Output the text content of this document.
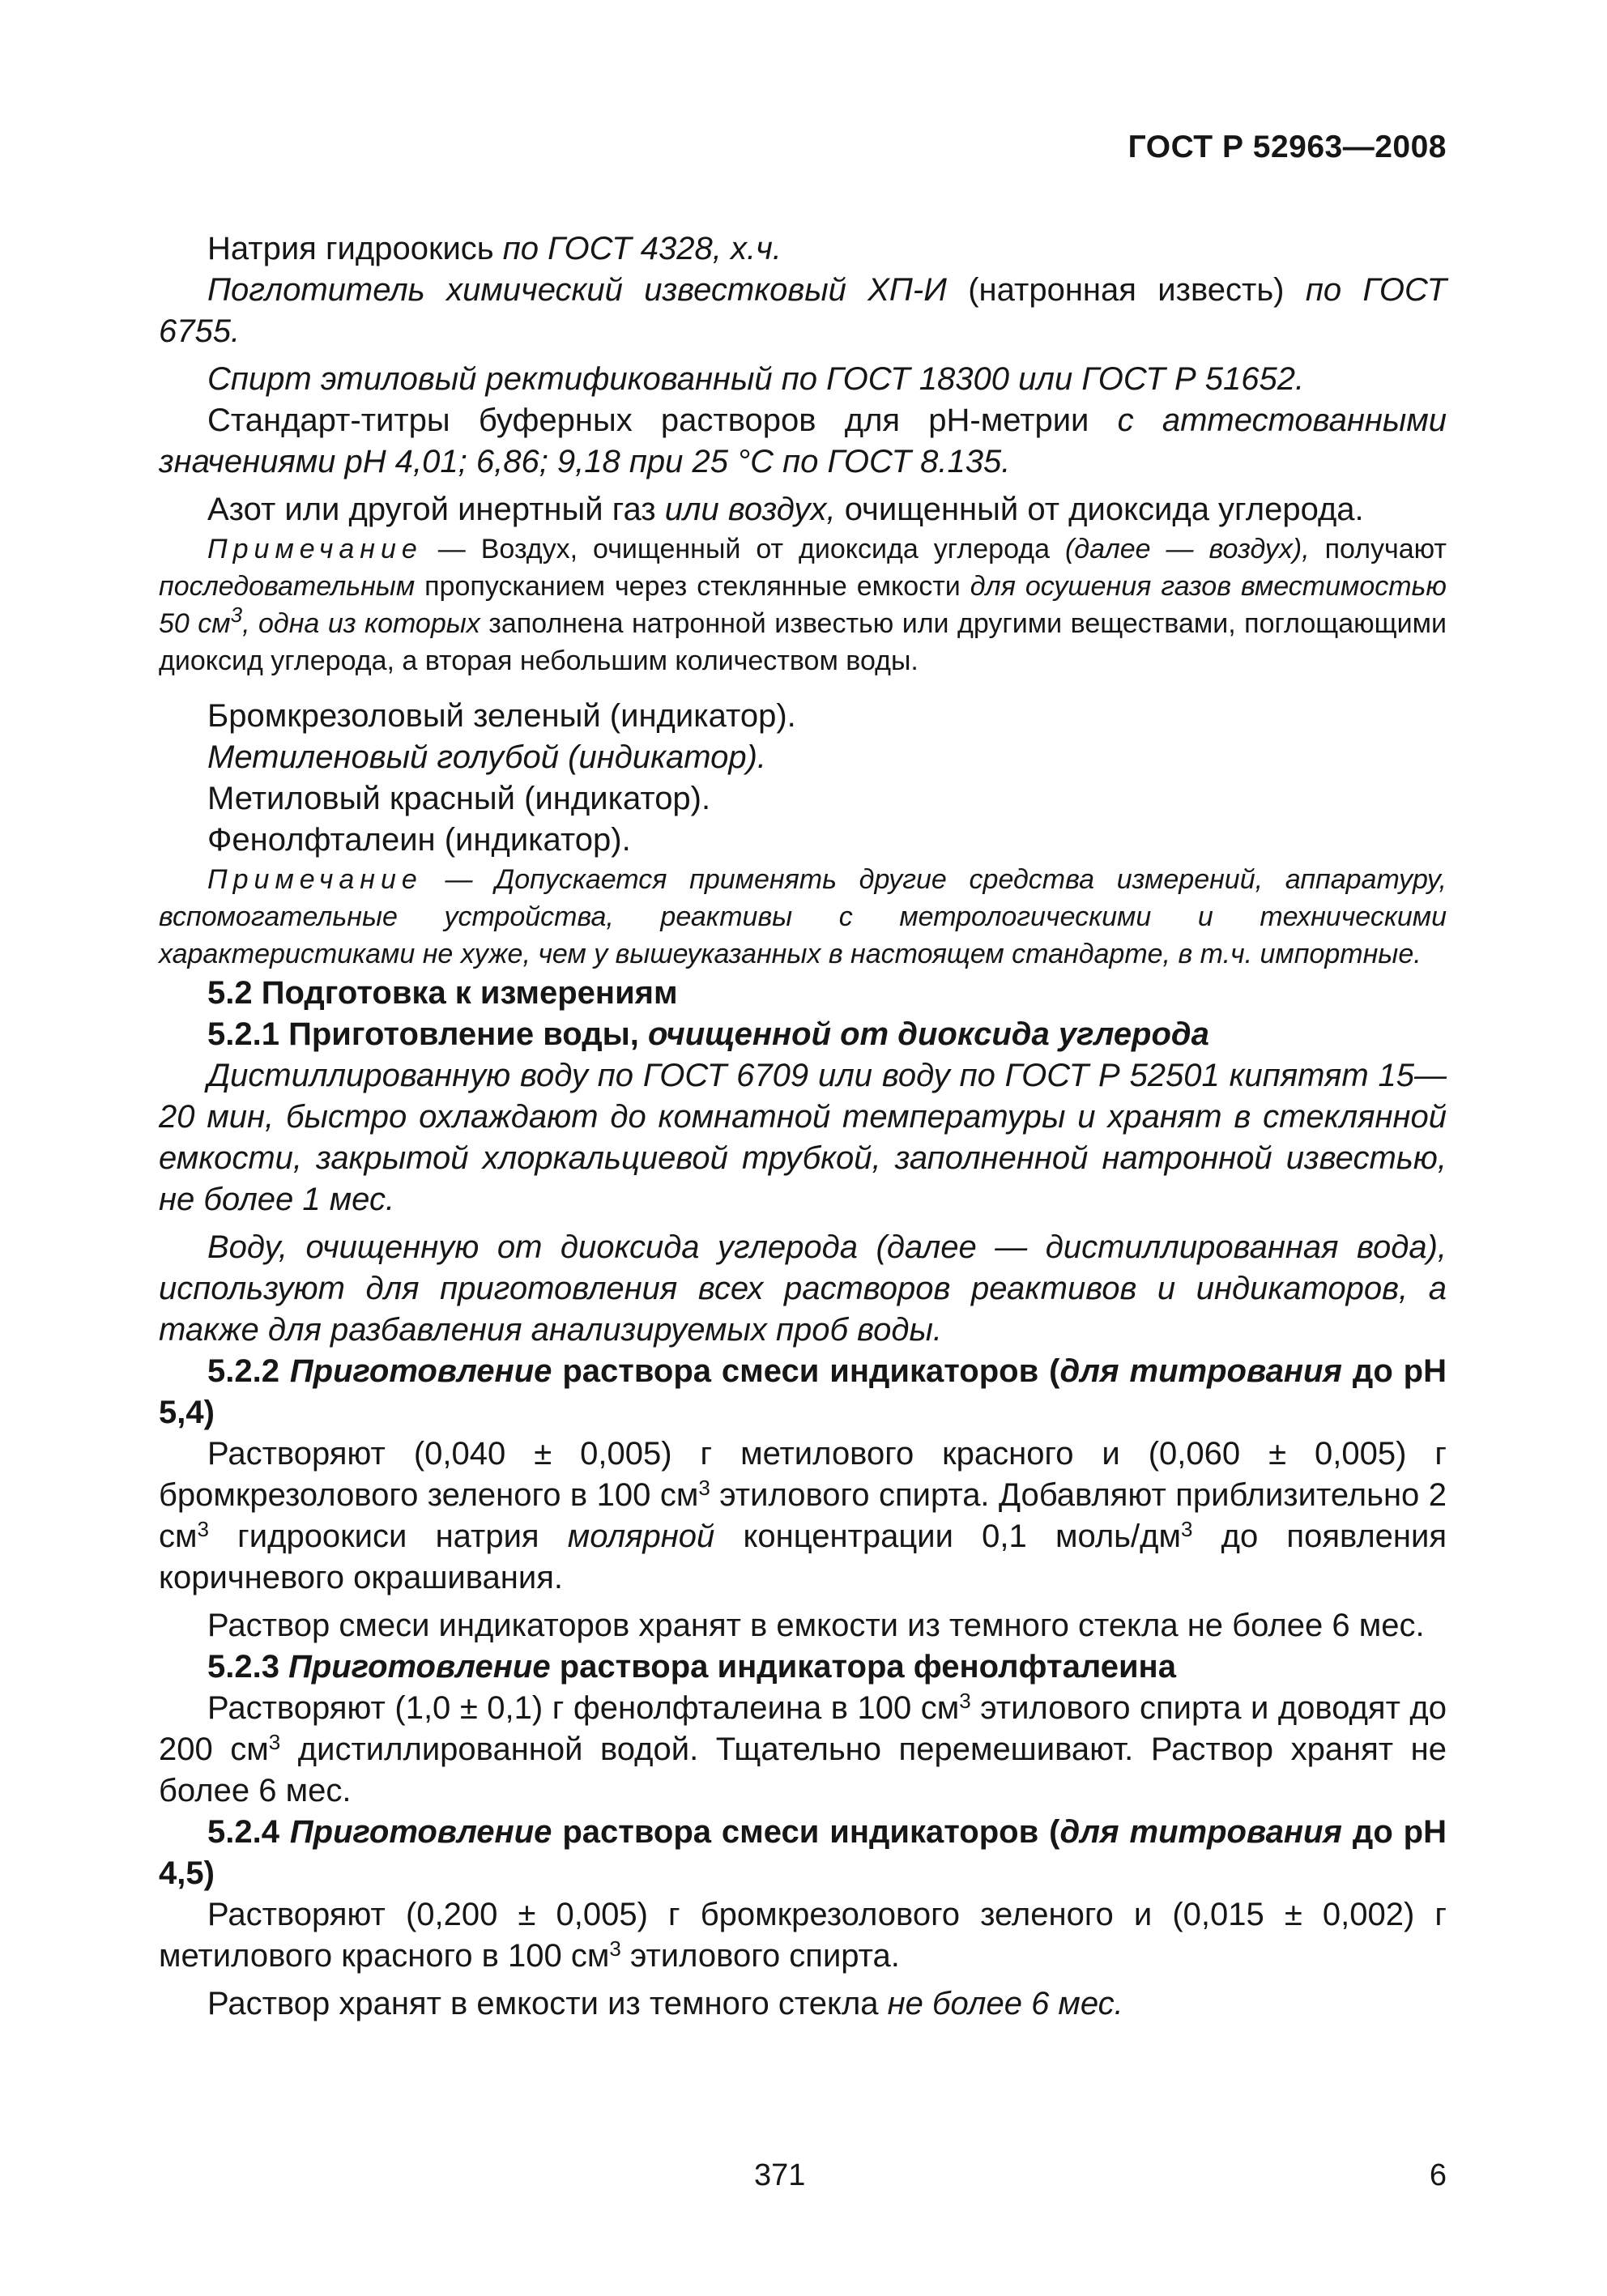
ГОСТ Р 52963—2008

Натрия гидроокись по ГОСТ 4328, х.ч.

Поглотитель химический известковый ХП-И (натронная известь) по ГОСТ 6755.

Спирт этиловый ректификованный по ГОСТ 18300 или ГОСТ Р 51652.

Стандарт-титры буферных растворов для рН-метрии с аттестованными значениями рН 4,01; 6,86; 9,18 при 25 °С по ГОСТ 8.135.

Азот или другой инертный газ или воздух, очищенный от диоксида углерода.

Примечание — Воздух, очищенный от диоксида углерода (далее — воздух), получают последовательным пропусканием через стеклянные емкости для осушения газов вместимостью 50 $см^3$, одна из которых заполнена натронной известью или другими веществами, поглощающими диоксид углерода, а вторая небольшим количеством воды.

Бромкрезоловый зеленый (индикатор).

Метиленовый голубой (индикатор).

Метиловый красный (индикатор).

Фенолфталеин (индикатор).

Примечание — Допускается применять другие средства измерений, аппаратуру, вспомогательные устройства, реактивы с метрологическими и техническими характеристиками не хуже, чем у вышеуказанных в настоящем стандарте, в т.ч. импортные.

5.2 Подготовка к измерениям

5.2.1 Приготовление воды, очищенной от диоксида углерода

Дистиллированную воду по ГОСТ 6709 или воду по ГОСТ Р 52501 кипятят 15—20 мин, быстро охлаждают до комнатной температуры и хранят в стеклянной емкости, закрытой хлоркальциевой трубкой, заполненной натронной известью, не более 1 мес.

Воду, очищенную от диоксида углерода (далее — дистиллированная вода), используют для приготовления всех растворов реактивов и индикаторов, а также для разбавления анализируемых проб воды.

5.2.2 Приготовление раствора смеси индикаторов (для титрования до рН 5,4)

Растворяют (0,040 ± 0,005) г метилового красного и (0,060 ± 0,005) г бромкрезолового зеленого в 100 $см^3$ этилового спирта. Добавляют приблизительно 2 $см^3$ гидроокиси натрия молярной концентрации 0,1 моль/$дм^3$ до появления коричневого окрашивания.

Раствор смеси индикаторов хранят в емкости из темного стекла не более 6 мес.

5.2.3 Приготовление раствора индикатора фенолфталеина

Растворяют (1,0 ± 0,1) г фенолфталеина в 100 $см^3$ этилового спирта и доводят до 200 $см^3$ дистиллированной водой. Тщательно перемешивают. Раствор хранят не более 6 мес.

5.2.4 Приготовление раствора смеси индикаторов (для титрования до рН 4,5)

Растворяют (0,200 ± 0,005) г бромкрезолового зеленого и (0,015 ± 0,002) г метилового красного в 100 $см^3$ этилового спирта.

Раствор хранят в емкости из темного стекла не более 6 мес.

371	6
